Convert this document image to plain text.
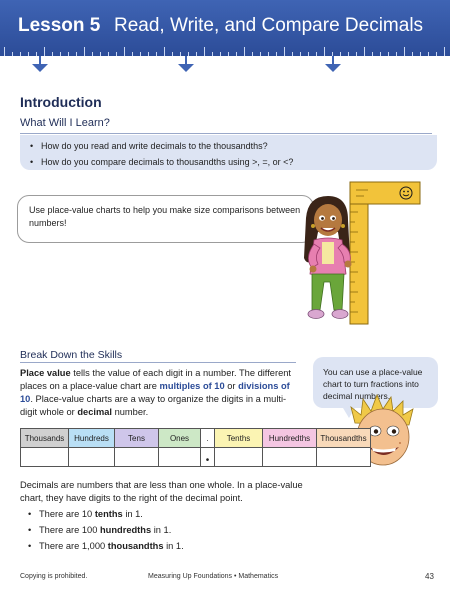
Lesson 5 Read, Write, and Compare Decimals
Introduction
What Will I Learn?
• How do you read and write decimals to the thousandths?
• How do you compare decimals to thousandths using >, =, or <?
Use place-value charts to help you make size comparisons between numbers!
Break Down the Skills

Place value tells the value of each digit in a number. The different places on a place-value chart are multiples of 10 or divisions of 10. Place-value charts are a way to organize the digits in a multi-digit whole or decimal number.

You can use a place-value chart to turn fractions into decimal numbers.
Thousands	Hundreds	Tens	Ones	.	Tenths	Hundredths	Thousandths
				•			

Decimals are numbers that are less than one whole. In a place-value chart, they have digits to the right of the decimal point.

• There are 10 tenths in 1.
• There are 100 hundredths in 1.
• There are 1,000 thousandths in 1.
Copying is prohibited.	Measuring Up Foundations • Mathematics	43
